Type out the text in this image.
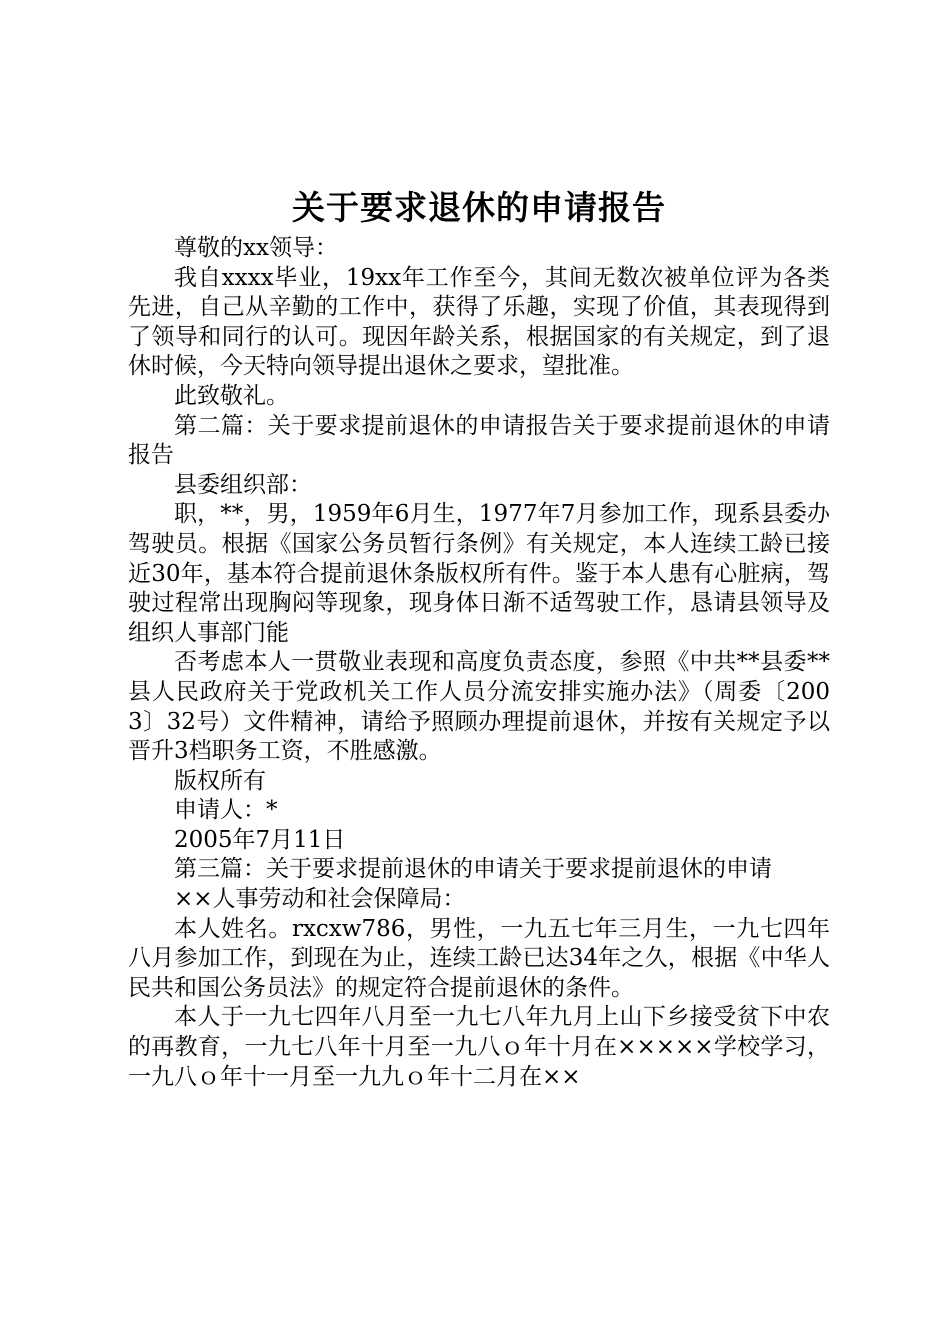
关于要求退休的申请报告

尊敬的xx领导：

我自xxxx毕业，19xx年工作至今，其间无数次被单位评为各类先进，自己从辛勤的工作中，获得了乐趣，实现了价值，其表现得到了领导和同行的认可。现因年龄关系，根据国家的有关规定，到了退休时候，今天特向领导提出退休之要求，望批准。

此致敬礼。

第二篇：关于要求提前退休的申请报告关于要求提前退休的申请报告

县委组织部：

职，**，男，1959年6月生，1977年7月参加工作，现系县委办驾驶员。根据《国家公务员暂行条例》有关规定，本人连续工龄已接近30年，基本符合提前退休条版权所有件。鉴于本人患有心脏病，驾驶过程常出现胸闷等现象，现身体日渐不适驾驶工作，恳请县领导及组织人事部门能

否考虑本人一贯敬业表现和高度负责态度，参照《中共**县委**县人民政府关于党政机关工作人员分流安排实施办法》（周委〔2003〕32号）文件精神，请给予照顾办理提前退休，并按有关规定予以晋升3档职务工资，不胜感激。

版权所有

申请人：*

2005年7月11日

第三篇：关于要求提前退休的申请关于要求提前退休的申请

××人事劳动和社会保障局：

本人姓名。rxcxw786，男性，一九五七年三月生，一九七四年八月参加工作，到现在为止，连续工龄已达34年之久，根据《中华人民共和国公务员法》的规定符合提前退休的条件。

本人于一九七四年八月至一九七八年九月上山下乡接受贫下中农的再教育，一九七八年十月至一九八ｏ年十月在×××××学校学习，一九八ｏ年十一月至一九九ｏ年十二月在××
